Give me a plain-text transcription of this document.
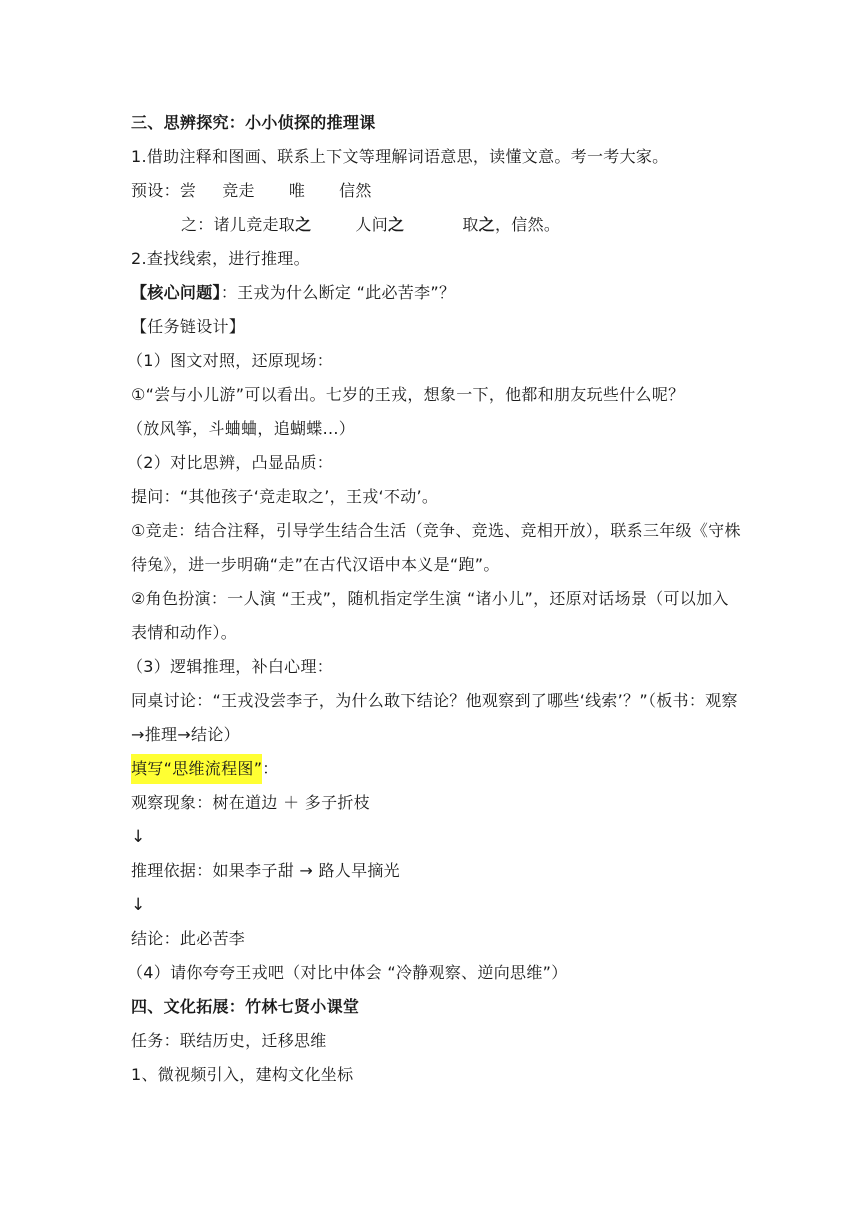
三、思辨探究：小小侦探的推理课
1.借助注释和图画、联系上下文等理解词语意思，读懂文意。考一考大家。
预设：尝 竞走 唯 信然
之：诸儿竞走取之	人问之	取之，信然。
2.查找线索，进行推理。
【核心问题】：王戎为什么断定 “此必苦李”？
【任务链设计】
（1）图文对照，还原现场：
①“尝与小儿游”可以看出。七岁的王戎，想象一下，他都和朋友玩些什么呢？
（放风筝，斗蛐蛐，追蝴蝶...）
（2）对比思辨，凸显品质：
提问：“其他孩子‘竞走取之’，王戎‘不动’。
①竞走：结合注释，引导学生结合生活（竞争、竞选、竞相开放），联系三年级《守株待兔》，进一步明确“走”在古代汉语中本义是“跑”。
②角色扮演：一人演 “王戎”，随机指定学生演 “诸小儿”，还原对话场景（可以加入表情和动作）。
（3）逻辑推理，补白心理：
同桌讨论：“王戎没尝李子，为什么敢下结论？他观察到了哪些‘线索’？”（板书：观察→推理→结论）
填写“思维流程图”：
观察现象：树在道边 ＋ 多子折枝
↓
推理依据：如果李子甜 → 路人早摘光
↓
结论：此必苦李
（4）请你夸夸王戎吧（对比中体会 “冷静观察、逆向思维”）
四、文化拓展：竹林七贤小课堂
任务：联结历史，迁移思维
1、微视频引入，建构文化坐标
